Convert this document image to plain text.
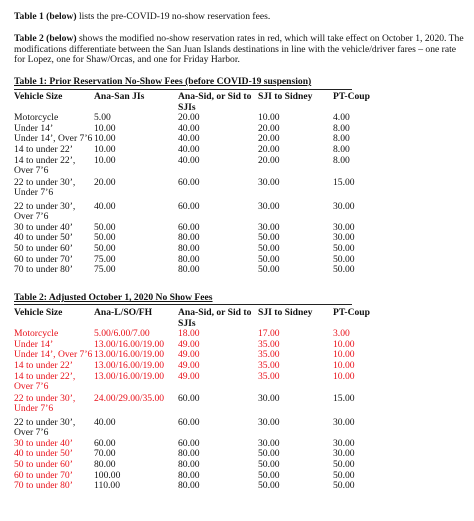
Table 1 (below) lists the pre-COVID-19 no-show reservation fees.

Table 2 (below) shows the modified no-show reservation rates in red, which will take effect on October 1, 2020. The modifications differentiate between the San Juan Islands destinations in line with the vehicle/driver fares – one rate for Lopez, one for Shaw/Orcas, and one for Friday Harbor.

Table 1: Prior Reservation No-Show Fees (before COVID-19 suspension)

Vehicle Size	Ana-San JIs	Ana-Sid, or Sid to SJIs	SJI to Sidney	PT-Coup
Motorcycle	5.00	20.00	10.00	4.00
Under 14’	10.00	40.00	20.00	8.00
Under 14’, Over 7’6	10.00	40.00	20.00	8.00
14 to under 22’	10.00	40.00	20.00	8.00
14 to under 22’, Over 7’6	10.00	40.00	20.00	8.00
22 to under 30’, Under 7’6	20.00	60.00	30.00	15.00
22 to under 30’, Over 7’6	40.00	60.00	30.00	30.00
30 to under 40’	50.00	60.00	30.00	30.00
40 to under 50’	50.00	80.00	50.00	30.00
50 to under 60’	50.00	80.00	50.00	50.00
60 to under 70’	75.00	80.00	50.00	50.00
70 to under 80’	75.00	80.00	50.00	50.00

Table 2: Adjusted October 1, 2020 No Show Fees

Vehicle Size	Ana-L/SO/FH	Ana-Sid, or Sid to SJIs	SJI to Sidney	PT-Coup
Motorcycle	5.00/6.00/7.00	18.00	17.00	3.00
Under 14’	13.00/16.00/19.00	49.00	35.00	10.00
Under 14’, Over 7’6	13.00/16.00/19.00	49.00	35.00	10.00
14 to under 22’	13.00/16.00/19.00	49.00	35.00	10.00
14 to under 22’, Over 7’6	13.00/16.00/19.00	49.00	35.00	10.00
22 to under 30’, Under 7’6	24.00/29.00/35.00	60.00	30.00	15.00
22 to under 30’, Over 7’6	40.00	60.00	30.00	30.00
30 to under 40’	60.00	60.00	30.00	30.00
40 to under 50’	70.00	80.00	50.00	30.00
50 to under 60’	80.00	80.00	50.00	50.00
60 to under 70’	100.00	80.00	50.00	50.00
70 to under 80’	110.00	80.00	50.00	50.00
